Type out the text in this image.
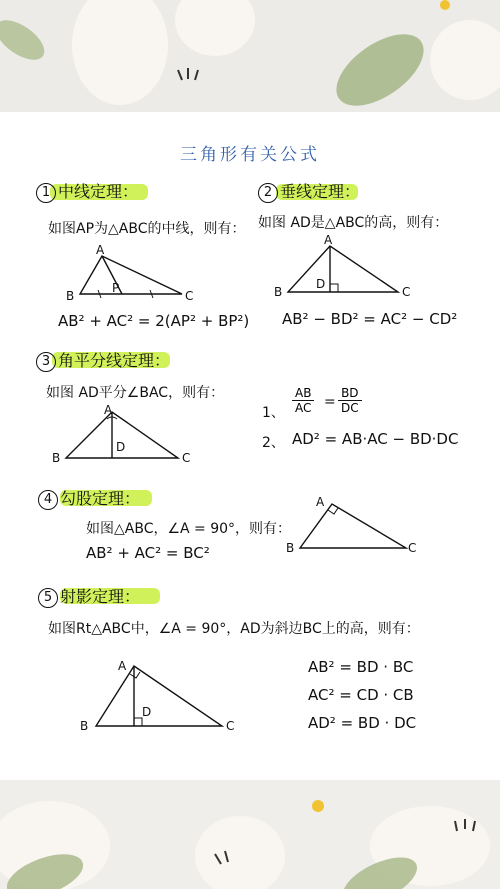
三角形有关公式
1 中线定理：
如图AP为△ABC的中线，则有：
A
B	C
P
AB² + AC² = 2(AP² + BP²)
2 垂线定理：
如图 AD是△ABC的高，则有：
A
B	C
D
AB² − BD² = AC² − CD²
3 角平分线定理：
如图 AD平分∠BAC，则有：
A
B	C
D
1、 $\frac{AB}{AC} = \frac{BD}{DC}$
2、 AD² = AB·AC − BD·DC
4 勾股定理：
如图△ABC，∠A = 90°，则有：
AB² + AC² = BC²
A
B	C
5 射影定理：
如图Rt△ABC中，∠A = 90°，AD为斜边BC上的高，则有：
A
B	C
D
AB² = BD · BC
AC² = CD · CB
AD² = BD · DC
